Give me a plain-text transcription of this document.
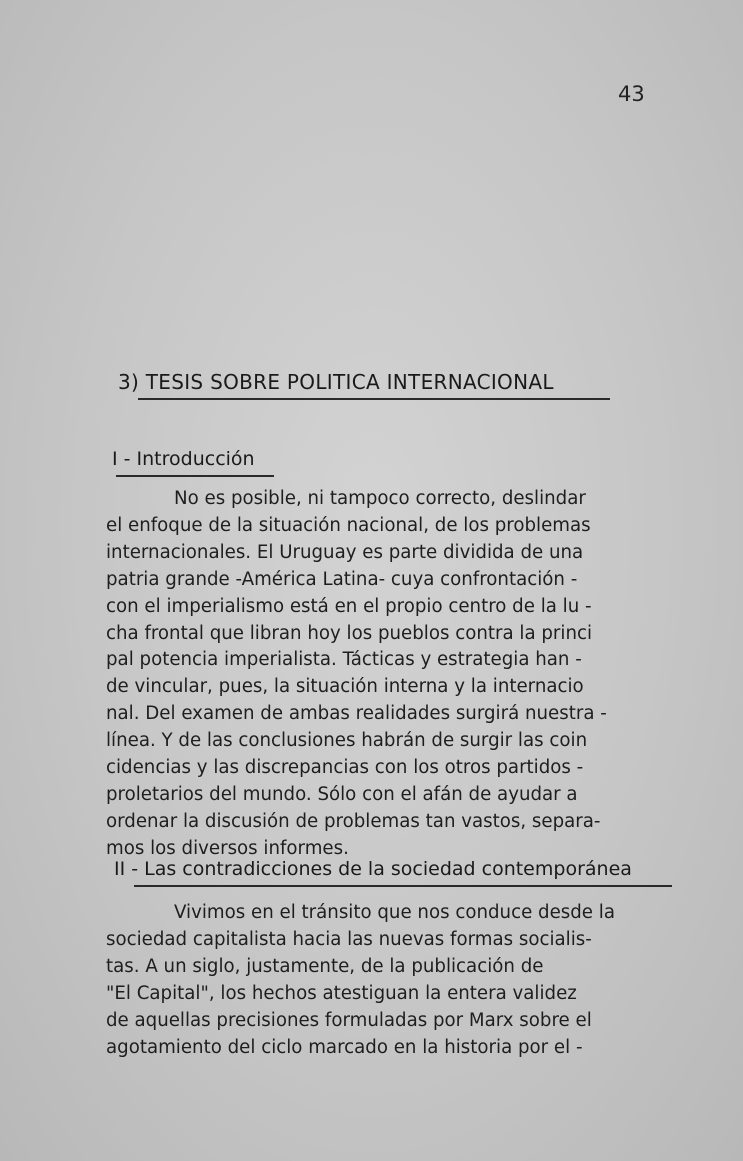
43
3) TESIS SOBRE POLITICA INTERNACIONAL
I - Introducción
No es posible, ni tampoco correcto, deslindar
el enfoque de la situación nacional, de los problemas
internacionales. El Uruguay es parte dividida de una
patria grande -América Latina- cuya confrontación -
con el imperialismo está en el propio centro de la lu -
cha frontal que libran hoy los pueblos contra la princi
pal potencia imperialista. Tácticas y estrategia han -
de vincular, pues, la situación interna y la internacio
nal. Del examen de ambas realidades surgirá nuestra -
línea. Y de las conclusiones habrán de surgir las coin
cidencias y las discrepancias con los otros partidos -
proletarios del mundo. Sólo con el afán de ayudar a
ordenar la discusión de problemas tan vastos, separa-
mos los diversos informes.
II - Las contradicciones de la sociedad contemporánea
Vivimos en el tránsito que nos conduce desde la
sociedad capitalista hacia las nuevas formas socialis-
tas. A un siglo, justamente, de la publicación de
"El Capital", los hechos atestiguan la entera validez
de aquellas precisiones formuladas por Marx sobre el
agotamiento del ciclo marcado en la historia por el -
